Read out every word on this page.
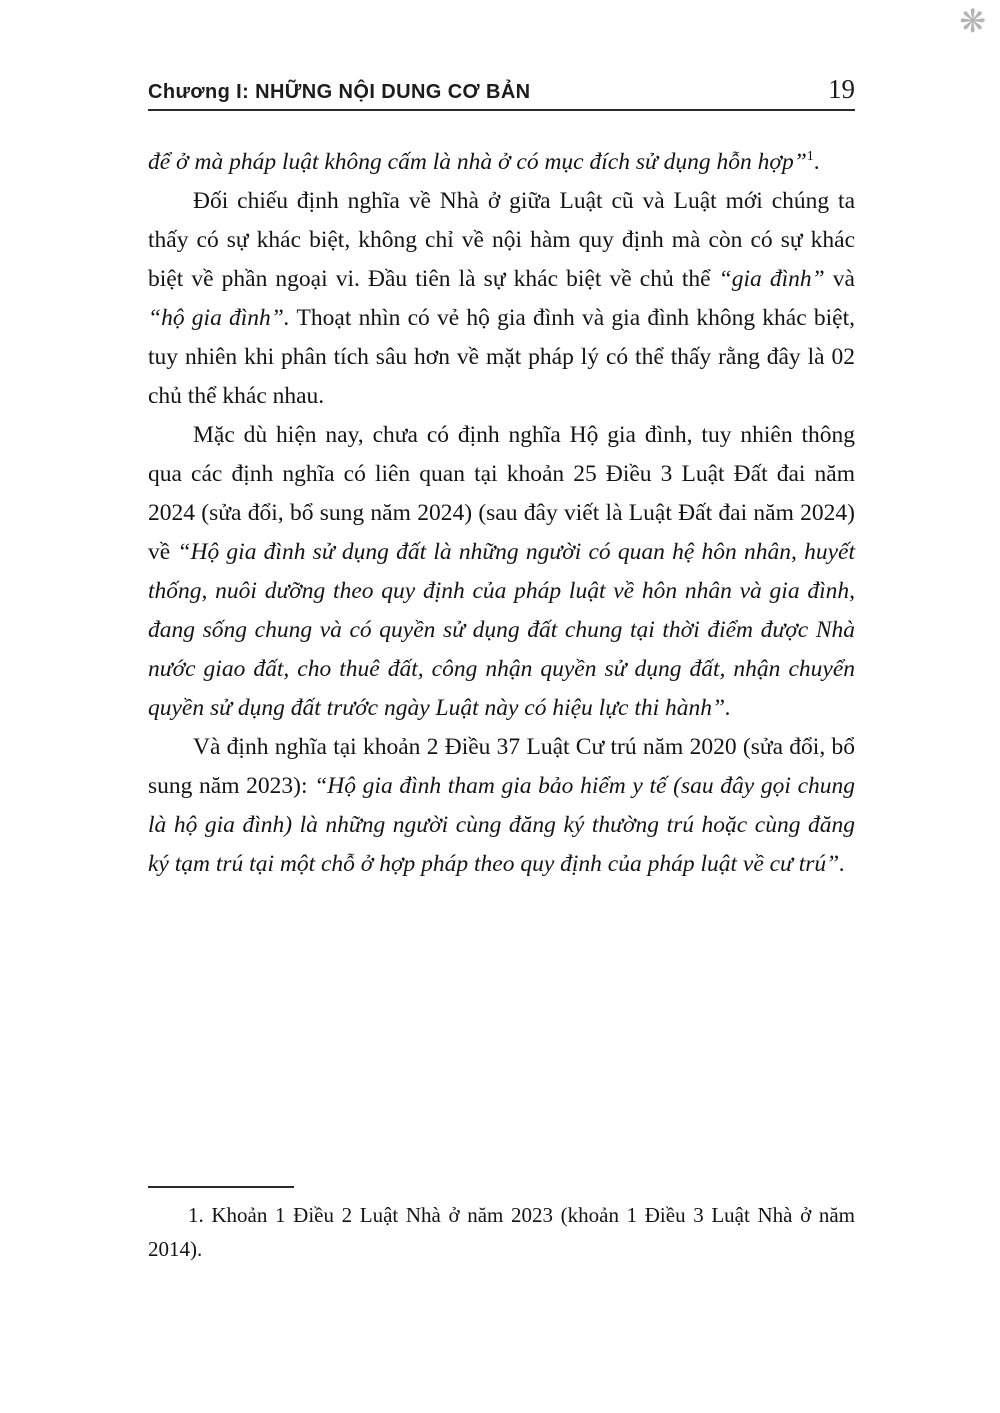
❋
Chương I: NHỮNG NỘI DUNG CƠ BẢN	19

để ở mà pháp luật không cấm là nhà ở có mục đích sử dụng hỗn hợp”$^1$.

Đối chiếu định nghĩa về Nhà ở giữa Luật cũ và Luật mới chúng ta thấy có sự khác biệt, không chỉ về nội hàm quy định mà còn có sự khác biệt về phần ngoại vi. Đầu tiên là sự khác biệt về chủ thể “gia đình” và “hộ gia đình”. Thoạt nhìn có vẻ hộ gia đình và gia đình không khác biệt, tuy nhiên khi phân tích sâu hơn về mặt pháp lý có thể thấy rằng đây là 02 chủ thể khác nhau.

Mặc dù hiện nay, chưa có định nghĩa Hộ gia đình, tuy nhiên thông qua các định nghĩa có liên quan tại khoản 25 Điều 3 Luật Đất đai năm 2024 (sửa đổi, bổ sung năm 2024) (sau đây viết là Luật Đất đai năm 2024) về “Hộ gia đình sử dụng đất là những người có quan hệ hôn nhân, huyết thống, nuôi dưỡng theo quy định của pháp luật về hôn nhân và gia đình, đang sống chung và có quyền sử dụng đất chung tại thời điểm được Nhà nước giao đất, cho thuê đất, công nhận quyền sử dụng đất, nhận chuyển quyền sử dụng đất trước ngày Luật này có hiệu lực thi hành”.

Và định nghĩa tại khoản 2 Điều 37 Luật Cư trú năm 2020 (sửa đổi, bổ sung năm 2023): “Hộ gia đình tham gia bảo hiểm y tế (sau đây gọi chung là hộ gia đình) là những người cùng đăng ký thường trú hoặc cùng đăng ký tạm trú tại một chỗ ở hợp pháp theo quy định của pháp luật về cư trú”.

1. Khoản 1 Điều 2 Luật Nhà ở năm 2023 (khoản 1 Điều 3 Luật Nhà ở năm 2014).
